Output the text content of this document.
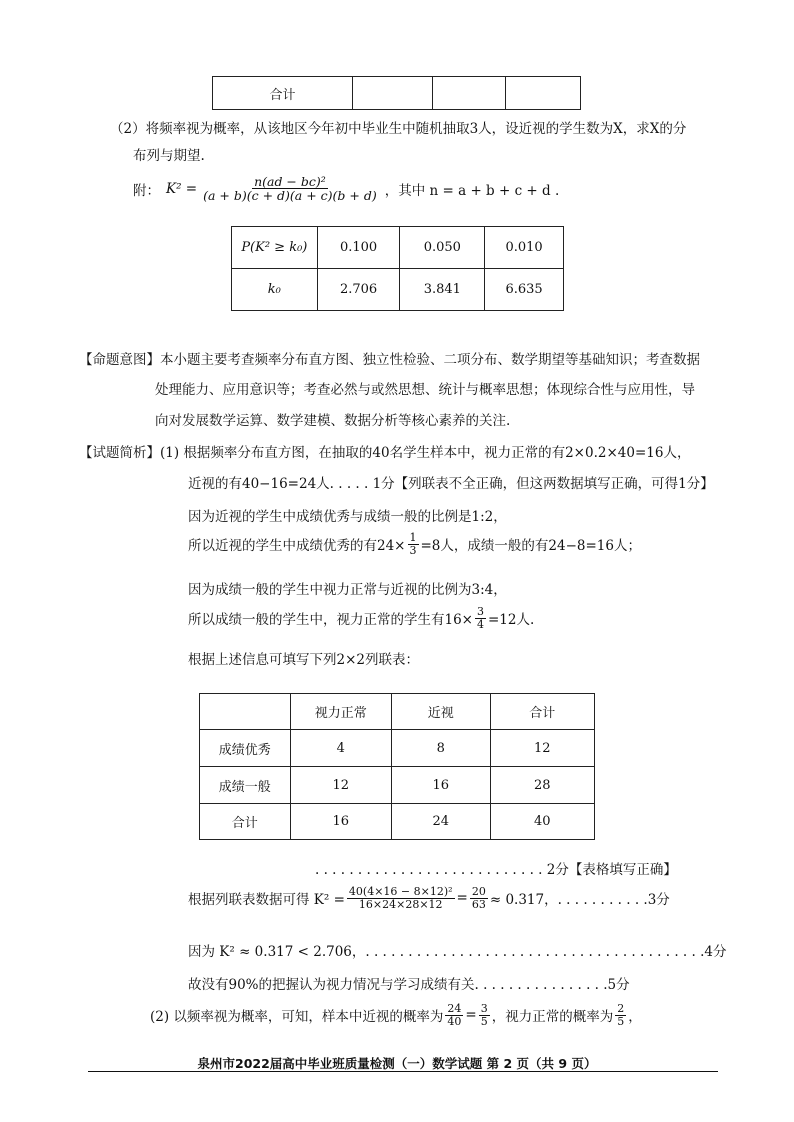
合计			
（2）将频率视为概率，从该地区今年初中毕业生中随机抽取3人，设近视的学生数为X，求X的分
布列与期望.
附： $K^2 = \frac{\text{n(ad − bc)²}}{(a + b)(c + d)(a + c)(b + d)}$ ，其中 n = a + b + c + d .
P(K² ≥ k₀)	0.100	0.050	0.010
k₀	2.706	3.841	6.635
【命题意图】本小题主要考查频率分布直方图、独立性检验、二项分布、数学期望等基础知识；考查数据
处理能力、应用意识等；考查必然与或然思想、统计与概率思想；体现综合性与应用性，导
向对发展数学运算、数学建模、数据分析等核心素养的关注.
【试题简析】(1) 根据频率分布直方图，在抽取的40名学生样本中，视力正常的有2×0.2×40=16人，
近视的有40−16=24人. . . . . 1分【列联表不全正确，但这两数据填写正确，可得1分】
因为近视的学生中成绩优秀与成绩一般的比例是1:2，
所以近视的学生中成绩优秀的有$24\times \frac{1}{3} =8$人，成绩一般的有24−8=16人；
因为成绩一般的学生中视力正常与近视的比例为3:4，
所以成绩一般的学生中，视力正常的学生有$16\times \frac{3}{4} =12$人.
根据上述信息可填写下列2×2列联表：
	视力正常	近视	合计
成绩优秀	4	8	12
成绩一般	12	16	28
合计	16	24	40
. . . . . . . . . . . . . . . . . . . . . . . . . . . 2分【表格填写正确】
根据列联表数据可得 $K^2 = \frac{\text{40(4×16 − 8×12)²}}{16\times 24\times 28\times 12} = \frac{20}{63} \approx 0.317$，. . . . . . . . . . .3分
因为 K² ≈ 0.317 < 2.706，. . . . . . . . . . . . . . . . . . . . . . . . . . . . . . . . . . . . . . . .4分
故没有90%的把握认为视力情况与学习成绩有关. . . . . . . . . . . . . . . .5分
(2) 以频率视为概率，可知，样本中近视的概率为 $\frac{24}{40} = \frac{3}{5}$ ，视力正常的概率为 $\frac{2}{5}$ ，
泉州市2022届高中毕业班质量检测（一）数学试题 第 2 页（共 9 页）
